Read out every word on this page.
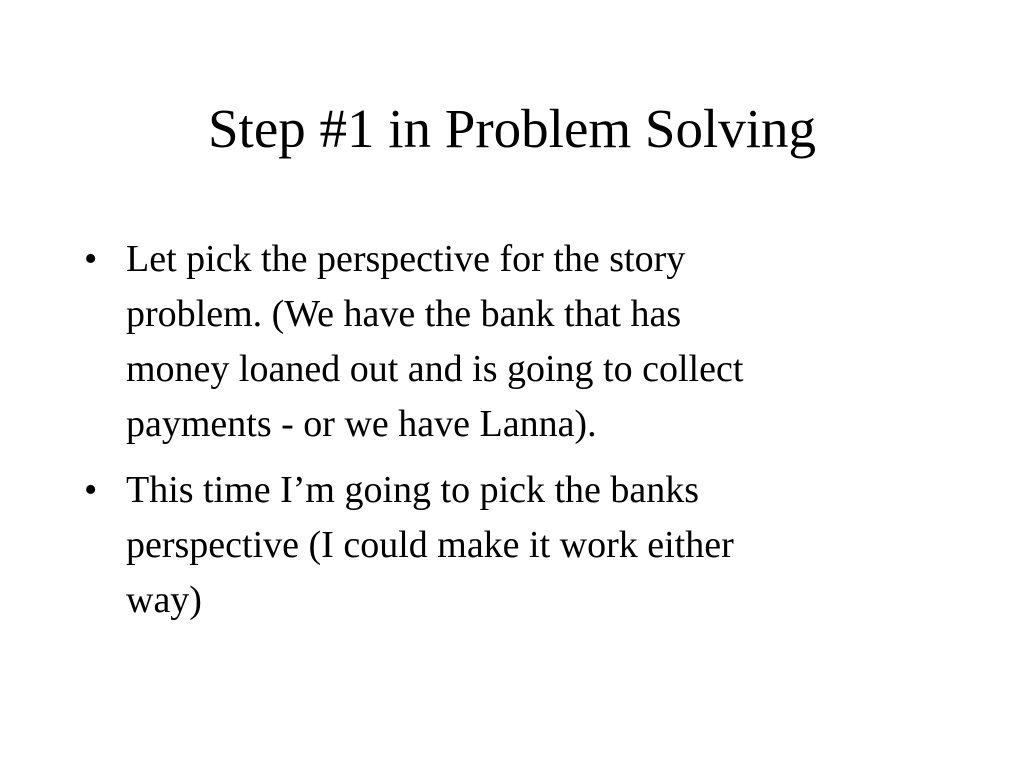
Step #1 in Problem Solving
• Let pick the perspective for the story
problem. (We have the bank that has
money loaned out and is going to collect
payments - or we have Lanna).
• This time I’m going to pick the banks
perspective (I could make it work either
way)
